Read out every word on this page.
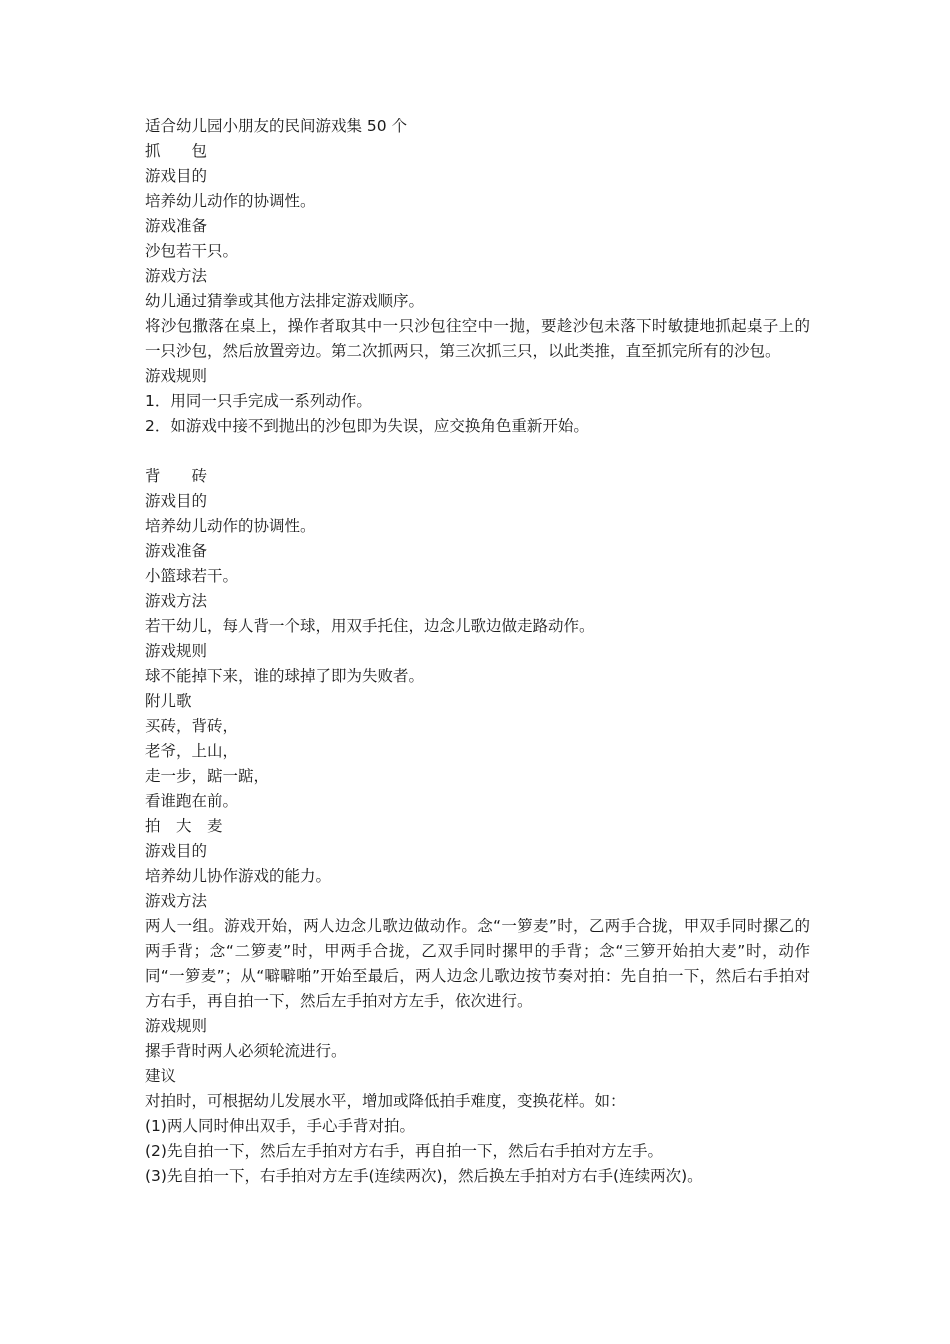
适合幼儿园小朋友的民间游戏集 50 个
抓　　包
游戏目的
培养幼儿动作的协调性。
游戏准备
沙包若干只。
游戏方法
幼儿通过猜拳或其他方法排定游戏顺序。
将沙包撒落在桌上，操作者取其中一只沙包往空中一抛，要趁沙包未落下时敏捷地抓起桌子上的一只沙包，然后放置旁边。第二次抓两只，第三次抓三只，以此类推，直至抓完所有的沙包。
游戏规则
1．用同一只手完成一系列动作。
2．如游戏中接不到抛出的沙包即为失误，应交换角色重新开始。
背　　砖
游戏目的
培养幼儿动作的协调性。
游戏准备
小篮球若干。
游戏方法
若干幼儿，每人背一个球，用双手托住，边念儿歌边做走路动作。
游戏规则
球不能掉下来，谁的球掉了即为失败者。
附儿歌
买砖，背砖，
老爷，上山，
走一步，踮一踮，
看谁跑在前。
拍　大　麦
游戏目的
培养幼儿协作游戏的能力。
游戏方法
两人一组。游戏开始，两人边念儿歌边做动作。念“一箩麦”时，乙两手合拢，甲双手同时摞乙的两手背；念“二箩麦”时，甲两手合拢，乙双手同时摞甲的手背；念“三箩开始拍大麦”时，动作同“一箩麦”；从“噼噼啪”开始至最后，两人边念儿歌边按节奏对拍：先自拍一下，然后右手拍对方右手，再自拍一下，然后左手拍对方左手，依次进行。
游戏规则
摞手背时两人必须轮流进行。
建议
对拍时，可根据幼儿发展水平，增加或降低拍手难度，变换花样。如：
(1)两人同时伸出双手，手心手背对拍。
(2)先自拍一下，然后左手拍对方右手，再自拍一下，然后右手拍对方左手。
(3)先自拍一下，右手拍对方左手(连续两次)，然后换左手拍对方右手(连续两次)。
